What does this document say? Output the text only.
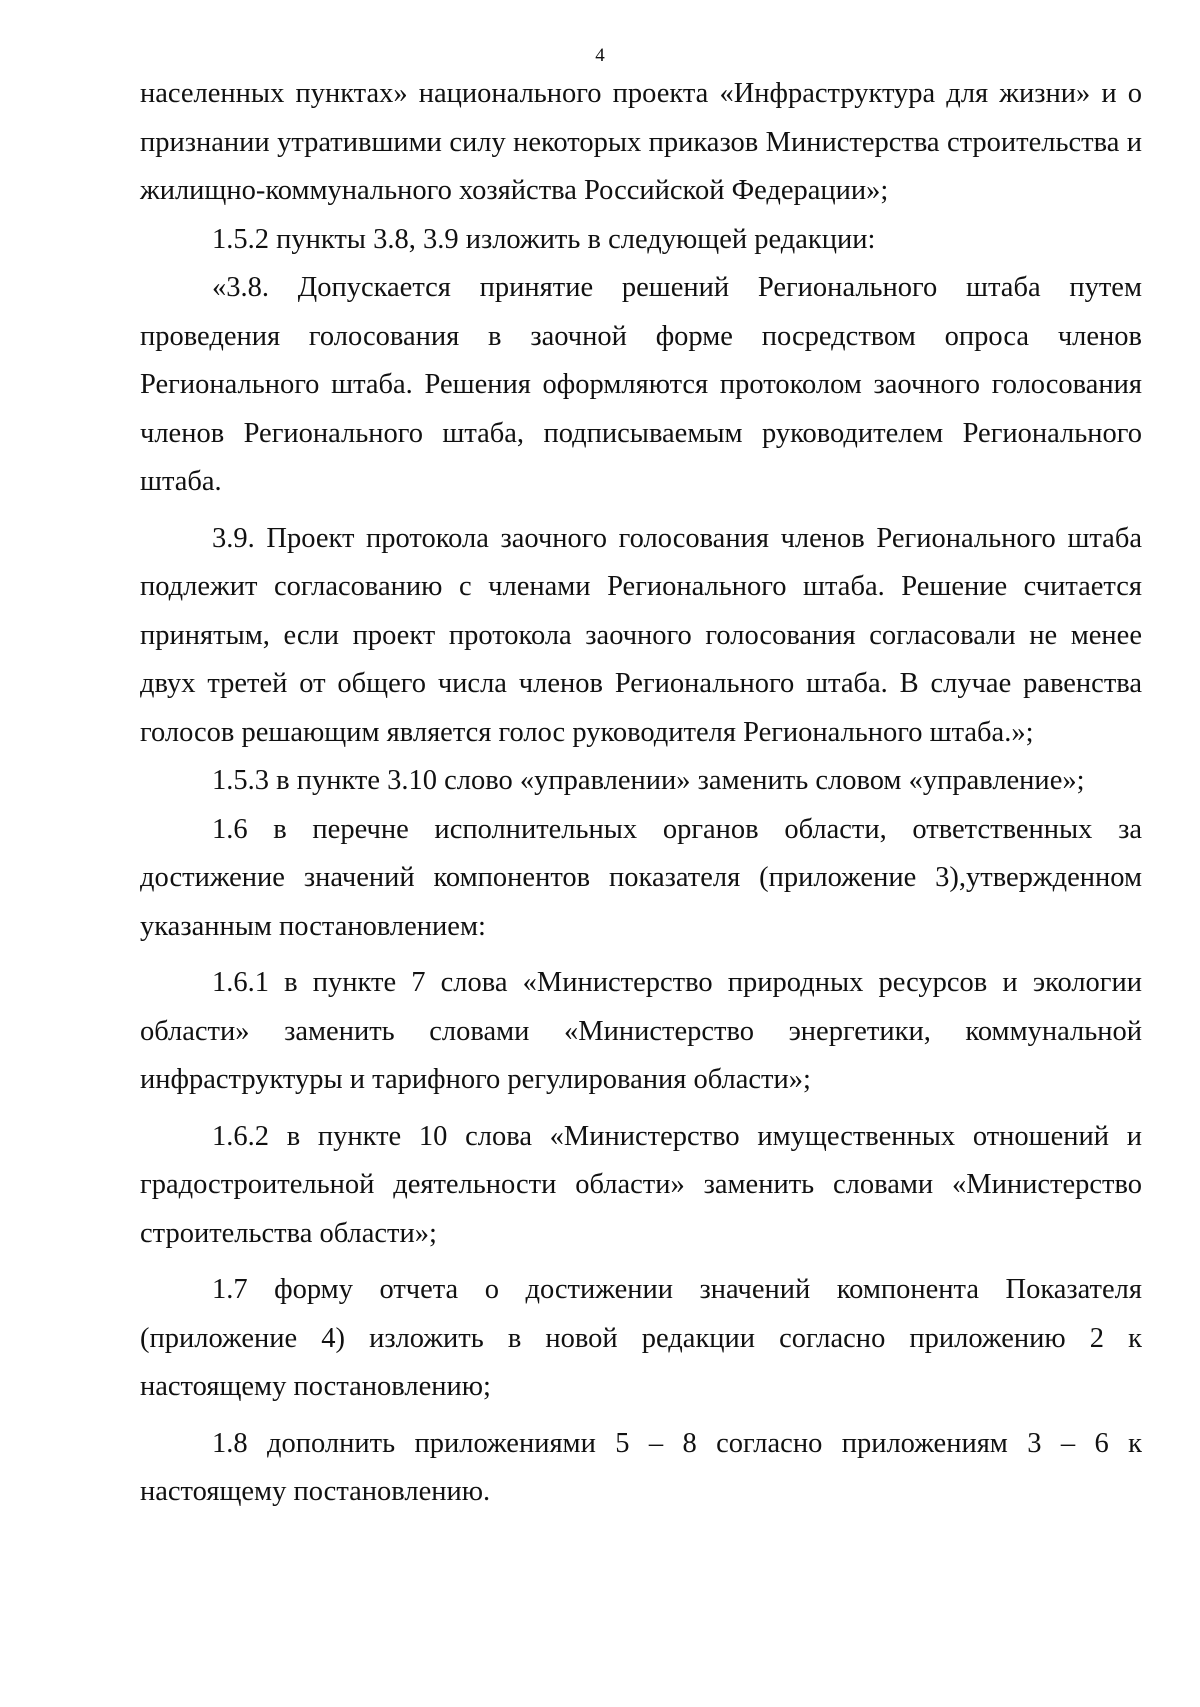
4

населенных пунктах» национального проекта «Инфраструктура для жизни» и о признании утратившими силу некоторых приказов Министерства строительства и жилищно-коммунального хозяйства Российской Федерации»;

1.5.2 пункты 3.8, 3.9 изложить в следующей редакции:

«3.8. Допускается принятие решений Регионального штаба путем проведения голосования в заочной форме посредством опроса членов Регионального штаба. Решения оформляются протоколом заочного голосования членов Регионального штаба, подписываемым руководителем Регионального штаба.

3.9. Проект протокола заочного голосования членов Регионального штаба подлежит согласованию с членами Регионального штаба. Решение считается принятым, если проект протокола заочного голосования согласовали не менее двух третей от общего числа членов Регионального штаба. В случае равенства голосов решающим является голос руководителя Регионального штаба.»;

1.5.3 в пункте 3.10 слово «управлении» заменить словом «управление»;

1.6 в перечне исполнительных органов области, ответственных за достижение значений компонентов показателя (приложение 3),утвержденном указанным постановлением:

1.6.1 в пункте 7 слова «Министерство природных ресурсов и экологии области» заменить словами «Министерство энергетики, коммунальной инфраструктуры и тарифного регулирования области»;

1.6.2 в пункте 10 слова «Министерство имущественных отношений и градостроительной деятельности области» заменить словами «Министерство строительства области»;

1.7 форму отчета о достижении значений компонента Показателя (приложение 4) изложить в новой редакции согласно приложению 2 к настоящему постановлению;

1.8 дополнить приложениями 5 – 8 согласно приложениям 3 – 6 к настоящему постановлению.
